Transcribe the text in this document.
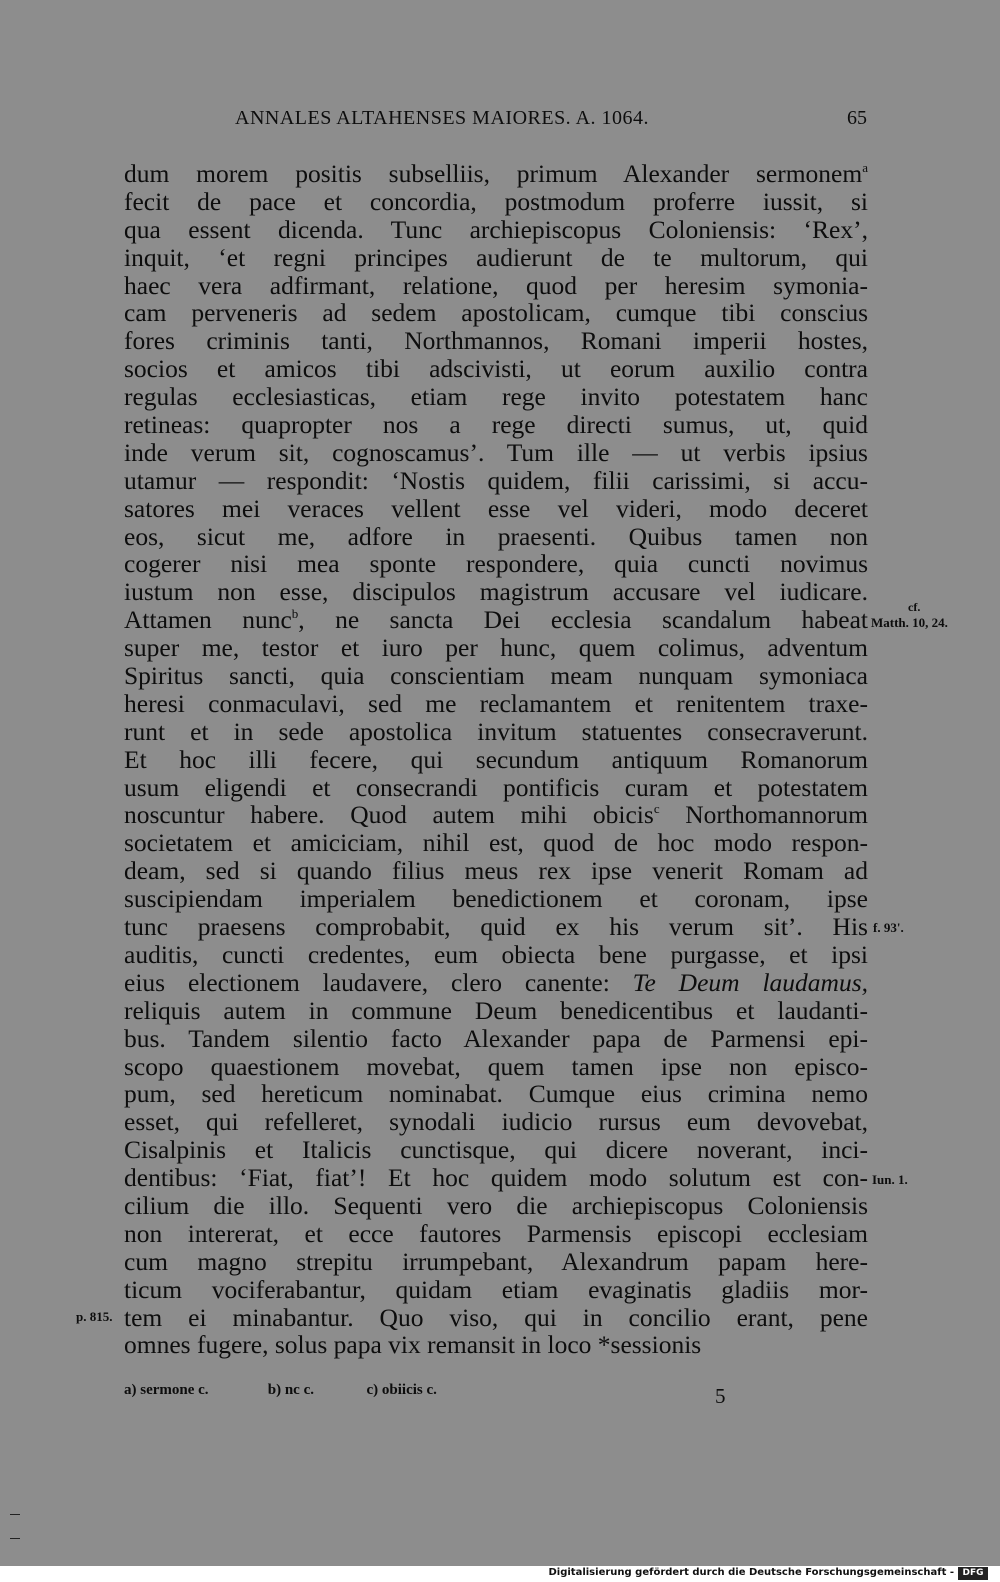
ANNALES ALTAHENSES MAIORES. A. 1064.	65
dum morem positis subselliis, primum Alexander sermonem$^a$
fecit de pace et concordia, postmodum proferre iussit, si
qua essent dicenda. Tunc archiepiscopus Coloniensis: ‘Rex’,
inquit, ‘et regni principes audierunt de te multorum, qui
haec vera adfirmant, relatione, quod per heresim symonia-
cam perveneris ad sedem apostolicam, cumque tibi conscius
fores criminis tanti, Northmannos, Romani imperii hostes,
socios et amicos tibi adscivisti, ut eorum auxilio contra
regulas ecclesiasticas, etiam rege invito potestatem hanc
retineas: quapropter nos a rege directi sumus, ut, quid
inde verum sit, cognoscamus’. Tum ille — ut verbis ipsius
utamur — respondit: ‘Nostis quidem, filii carissimi, si accu-
satores mei veraces vellent esse vel videri, modo deceret
eos, sicut me, adfore in praesenti. Quibus tamen non
cogerer nisi mea sponte respondere, quia cuncti novimus
iustum non esse, discipulos magistrum accusare vel iudicare.
Attamen nunc$^b$, ne sancta Dei ecclesia scandalum habeat
super me, testor et iuro per hunc, quem colimus, adventum
Spiritus sancti, quia conscientiam meam nunquam symoniaca
heresi conmaculavi, sed me reclamantem et renitentem traxe-
runt et in sede apostolica invitum statuentes consecraverunt.
Et hoc illi fecere, qui secundum antiquum Romanorum
usum eligendi et consecrandi pontificis curam et potestatem
noscuntur habere. Quod autem mihi obicis$^c$ Northomannorum
societatem et amiciciam, nihil est, quod de hoc modo respon-
deam, sed si quando filius meus rex ipse venerit Romam ad
suscipiendam imperialem benedictionem et coronam, ipse
tunc praesens comprobabit, quid ex his verum sit’. His
auditis, cuncti credentes, eum obiecta bene purgasse, et ipsi
eius electionem laudavere, clero canente: Te Deum laudamus,
reliquis autem in commune Deum benedicentibus et laudanti-
bus. Tandem silentio facto Alexander papa de Parmensi epi-
scopo quaestionem movebat, quem tamen ipse non episco-
pum, sed hereticum nominabat. Cumque eius crimina nemo
esset, qui refelleret, synodali iudicio rursus eum devovebat,
Cisalpinis et Italicis cunctisque, qui dicere noverant, inci-
dentibus: ‘Fiat, fiat’! Et hoc quidem modo solutum est con-
cilium die illo. Sequenti vero die archiepiscopus Coloniensis
non intererat, et ecce fautores Parmensis episcopi ecclesiam
cum magno strepitu irrumpebant, Alexandrum papam here-
ticum vociferabantur, quidam etiam evaginatis gladiis mor-
tem ei minabantur. Quo viso, qui in concilio erant, pene
omnes fugere, solus papa vix remansit in loco *sessionis
cf.
Matth. 10, 24.
f. 93'.
Iun. 1.
p. 815.
a) sermone c.	b) nc c.	c) obiicis c.	5
Digitalisierung gefördert durch die Deutsche Forschungsgemeinschaft - DFG
